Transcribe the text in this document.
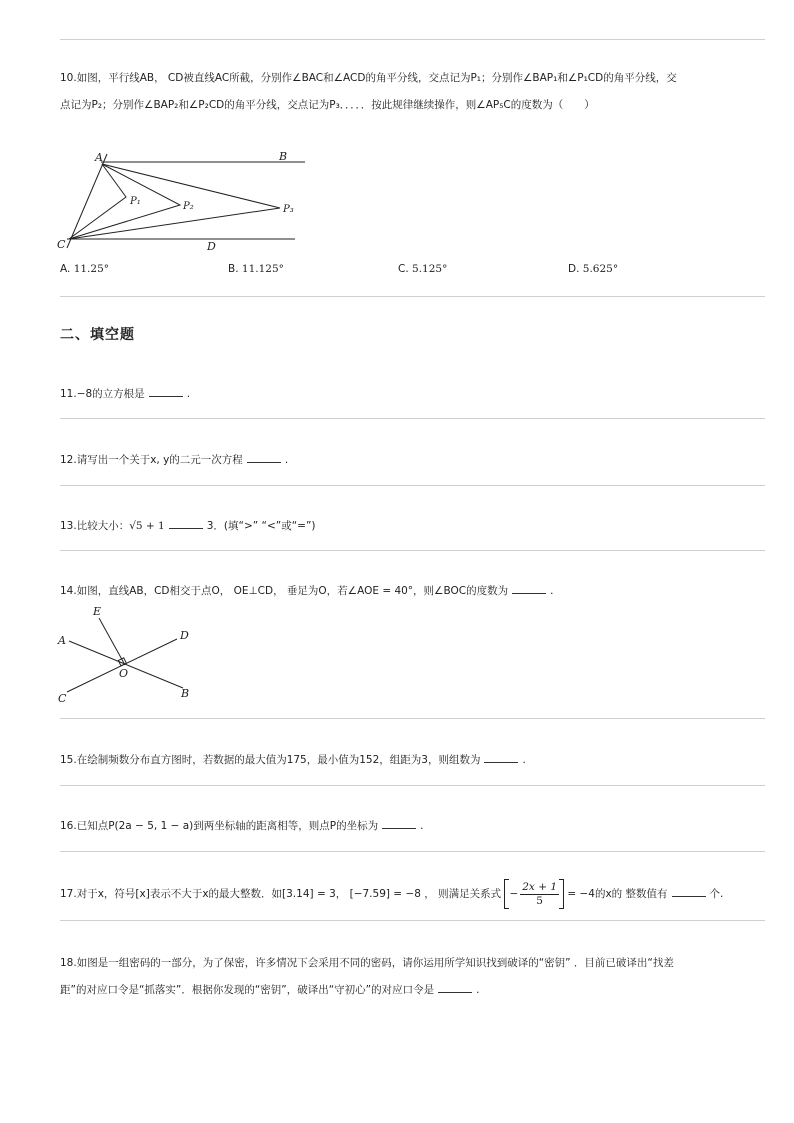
10.如图，平行线AB， CD被直线AC所截，分别作∠BAC和∠ACD的角平分线，交点记为P₁；分别作∠BAP₁和∠P₁CD的角平分线，交
点记为P₂；分别作∠BAP₂和∠P₂CD的角平分线，交点记为P₃．．．．．按此规律继续操作，则∠AP₅C的度数为（　　）
A	B
C	D
P₁	P₂	P₃
A. 11.25°	B. 11.125°	C. 5.125°	D. 5.625°
二、填空题
11.−8的立方根是	.
12.请写出一个关于x, y的二元一次方程	.
13.比较大小：√5 + 1	3．(填“>” “<”或“=”)
14.如图，直线AB，CD相交于点O， OE⊥CD， 垂足为O，若∠AOE = 40°，则∠BOC的度数为	.
E
D
A
O
C	B
15.在绘制频数分布直方图时，若数据的最大值为175，最小值为152，组距为3，则组数为	.
16.已知点P(2a − 5, 1 − a)到两坐标轴的距离相等，则点P的坐标为	.
17.对于x，符号[x]表示不大于x的最大整数．如[3.14] = 3， [−7.59] = −8 ， 则满足关系式 − $\frac{2x + 1}{5} = -4$的x的 整数值有	个.
18.如图是一组密码的一部分，为了保密，许多情况下会采用不同的密码，请你运用所学知识找到破译的“密钥” ．目前已破译出“找差
距”的对应口令是“抓落实”．根据你发现的“密钥”，破译出“守初心”的对应口令是	.
